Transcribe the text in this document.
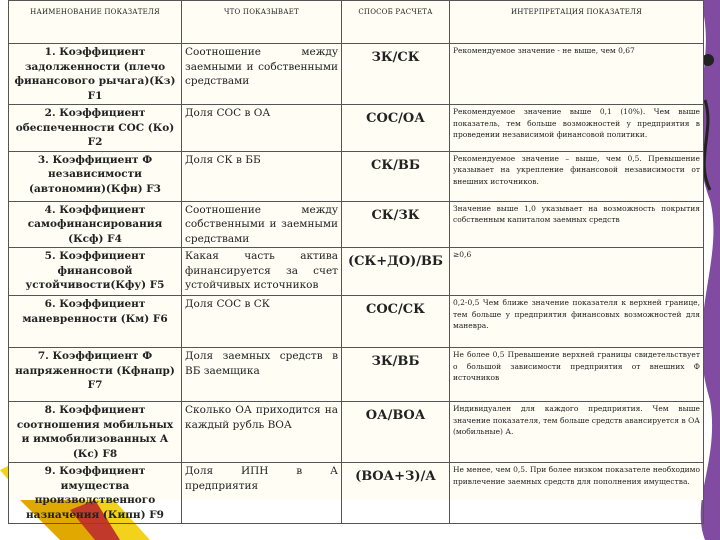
НАИМЕНОВАНИЕ ПОКАЗАТЕЛЯ	ЧТО ПОКАЗЫВАЕТ	СПОСОБ РАСЧЕТА	ИНТЕРПРЕТАЦИЯ ПОКАЗАТЕЛЯ
1. Коэффициент задолженности (плечо финансового рычага)(Кз) F1	Соотношение между заемными и собственными средствами	ЗК/СК	Рекомендуемое значение - не выше, чем 0,67
2. Коэффициент обеспеченности СОС (Ко) F2	Доля СОС в ОА	СОС/ОА	Рекомендуемое значение выше 0,1 (10%). Чем выше показатель, тем больше возможностей у предприятия в проведении независимой финансовой политики.
3. Коэффициент Ф независимости (автономии)(Кфн) F3	Доля СК в ББ	СК/ВБ	Рекомендуемое значение – выше, чем 0,5. Превышение указывает на укрепление финансовой независимости от внешних источников.
4. Коэффициент самофинансирования (Ксф) F4	Соотношение между собственными и заемными средствами	СК/ЗК	Значение выше 1,0 указывает на возможность покрытия собственным капиталом заемных средств
5. Коэффициент финансовой устойчивости(Кфу) F5	Какая часть актива финансируется за счет устойчивых источников	(СК+ДО)/ВБ	≥0,6
6. Коэффициент маневренности (Км) F6	Доля СОС в СК	СОС/СК	0,2-0,5 Чем ближе значение показателя к верхней границе, тем больше у предприятия финансовых возможностей для маневра.
7. Коэффициент Ф напряженности (Кфнапр) F7	Доля заемных средств в ВБ заемщика	ЗК/ВБ	Не более 0,5 Превышение верхней границы свидетельствует о большой зависимости предприятия от внешних Ф источников
8. Коэффициент соотношения мобильных и иммобилизованных А (Кс) F8	Сколько ОА приходится на каждый рубль ВОА	ОА/ВОА	Индивидуален для каждого предприятия. Чем выше значение показателя, тем больше средств авансируется в ОА (мобильные) А.
9. Коэффициент имущества производственного назначения (Кипн) F9	Доля ИПН в А предприятия	(ВОА+З)/А	Не менее, чем 0,5. При более низком показателе необходимо привлечение заемных средств для пополнения имущества.
